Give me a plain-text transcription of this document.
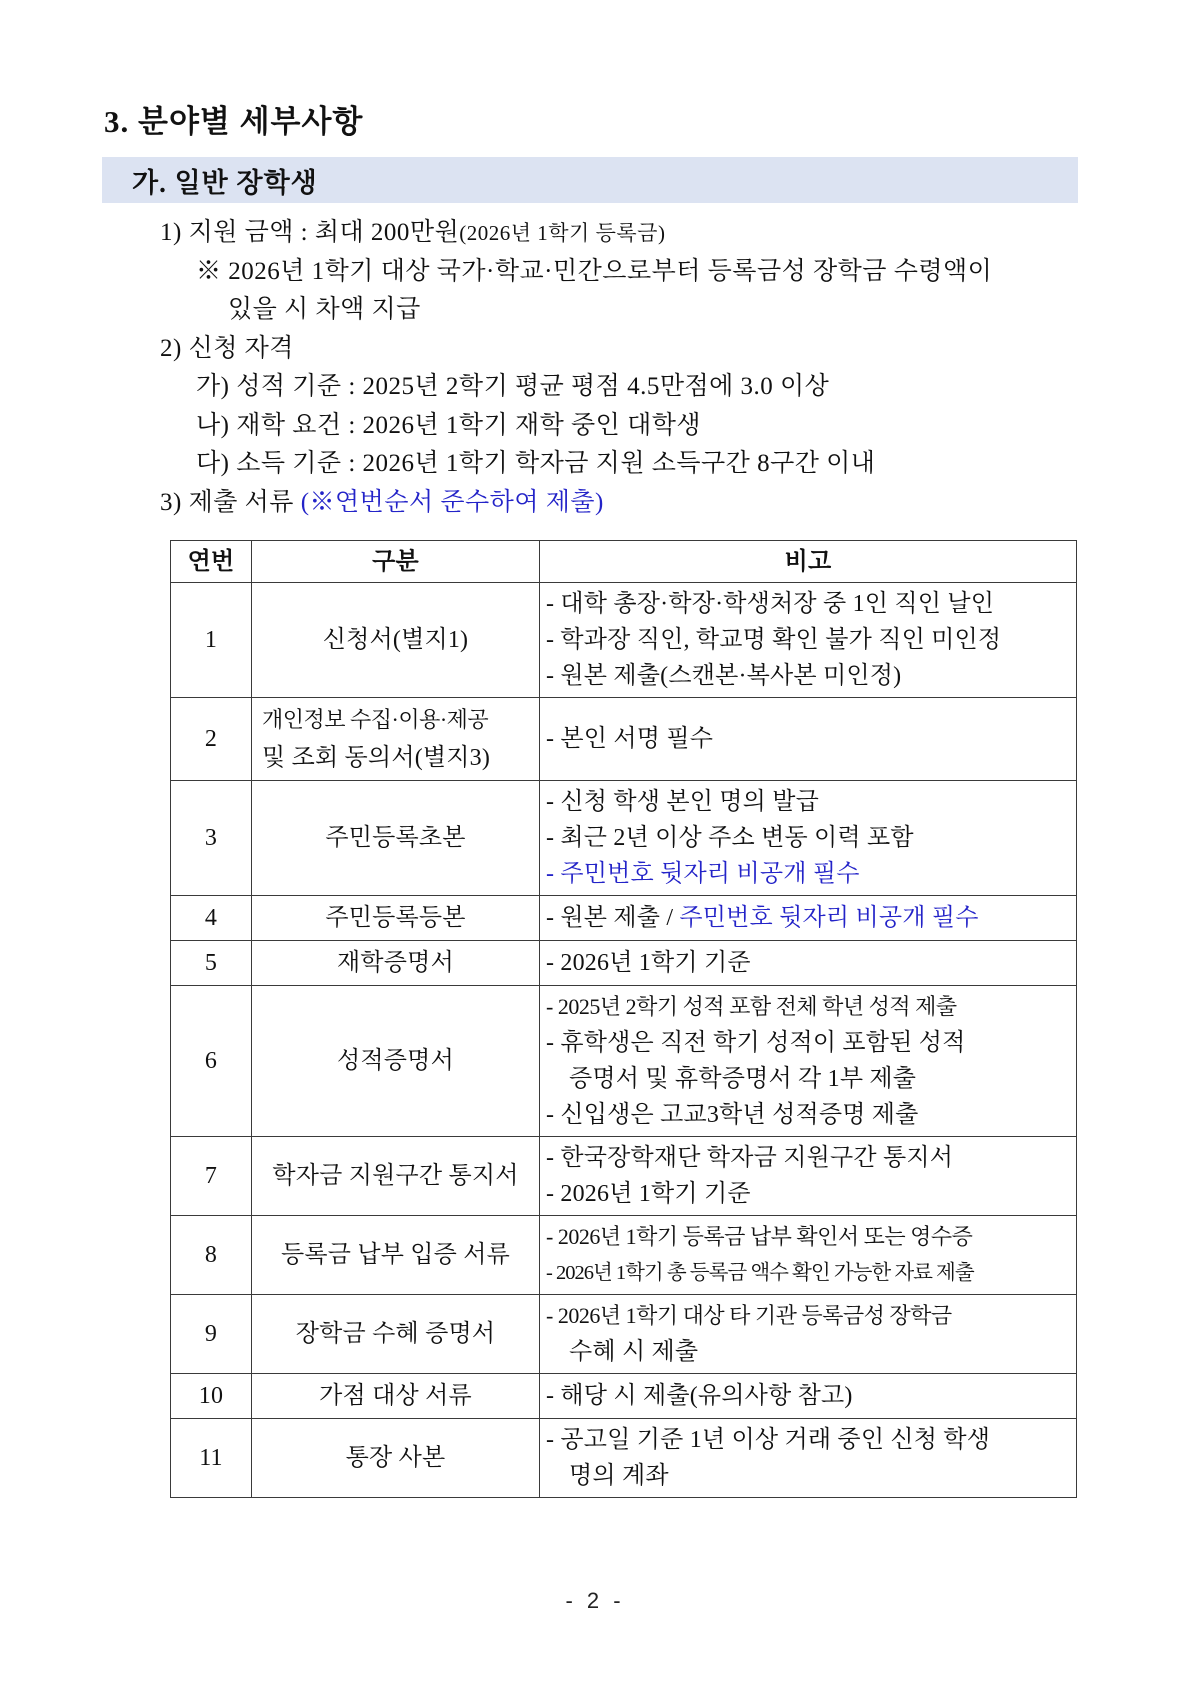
3. 분야별 세부사항
가. 일반 장학생
1) 지원 금액 : 최대 200만원(2026년 1학기 등록금)
※ 2026년 1학기 대상 국가·학교·민간으로부터 등록금성 장학금 수령액이
있을 시 차액 지급
2) 신청 자격
가) 성적 기준 : 2025년 2학기 평균 평점 4.5만점에 3.0 이상
나) 재학 요건 : 2026년 1학기 재학 중인 대학생
다) 소득 기준 : 2026년 1학기 학자금 지원 소득구간 8구간 이내
3) 제출 서류 (※연번순서 준수하여 제출)
연번	구분	비고
1	신청서(별지1)	- 대학 총장·학장·학생처장 중 1인 직인 날인
- 학과장 직인, 학교명 확인 불가 직인 미인정
- 원본 제출(스캔본·복사본 미인정)

2	개인정보 수집·이용·제공
및 조회 동의서(별지3)	- 본인 서명 필수

3	주민등록초본	- 신청 학생 본인 명의 발급
- 최근 2년 이상 주소 변동 이력 포함
- 주민번호 뒷자리 비공개 필수

4	주민등록등본	- 원본 제출 / 주민번호 뒷자리 비공개 필수

5	재학증명서	- 2026년 1학기 기준

6	성적증명서	- 2025년 2학기 성적 포함 전체 학년 성적 제출
- 휴학생은 직전 학기 성적이 포함된 성적
증명서 및 휴학증명서 각 1부 제출
- 신입생은 고교3학년 성적증명 제출

7	학자금 지원구간 통지서	- 한국장학재단 학자금 지원구간 통지서
- 2026년 1학기 기준

8	등록금 납부 입증 서류	- 2026년 1학기 등록금 납부 확인서 또는 영수증
- 2026년 1학기 총 등록금 액수 확인 가능한 자료 제출

9	장학금 수혜 증명서	- 2026년 1학기 대상 타 기관 등록금성 장학금
수혜 시 제출

10	가점 대상 서류	- 해당 시 제출(유의사항 참고)

11	통장 사본	- 공고일 기준 1년 이상 거래 중인 신청 학생
명의 계좌
- 2 -
